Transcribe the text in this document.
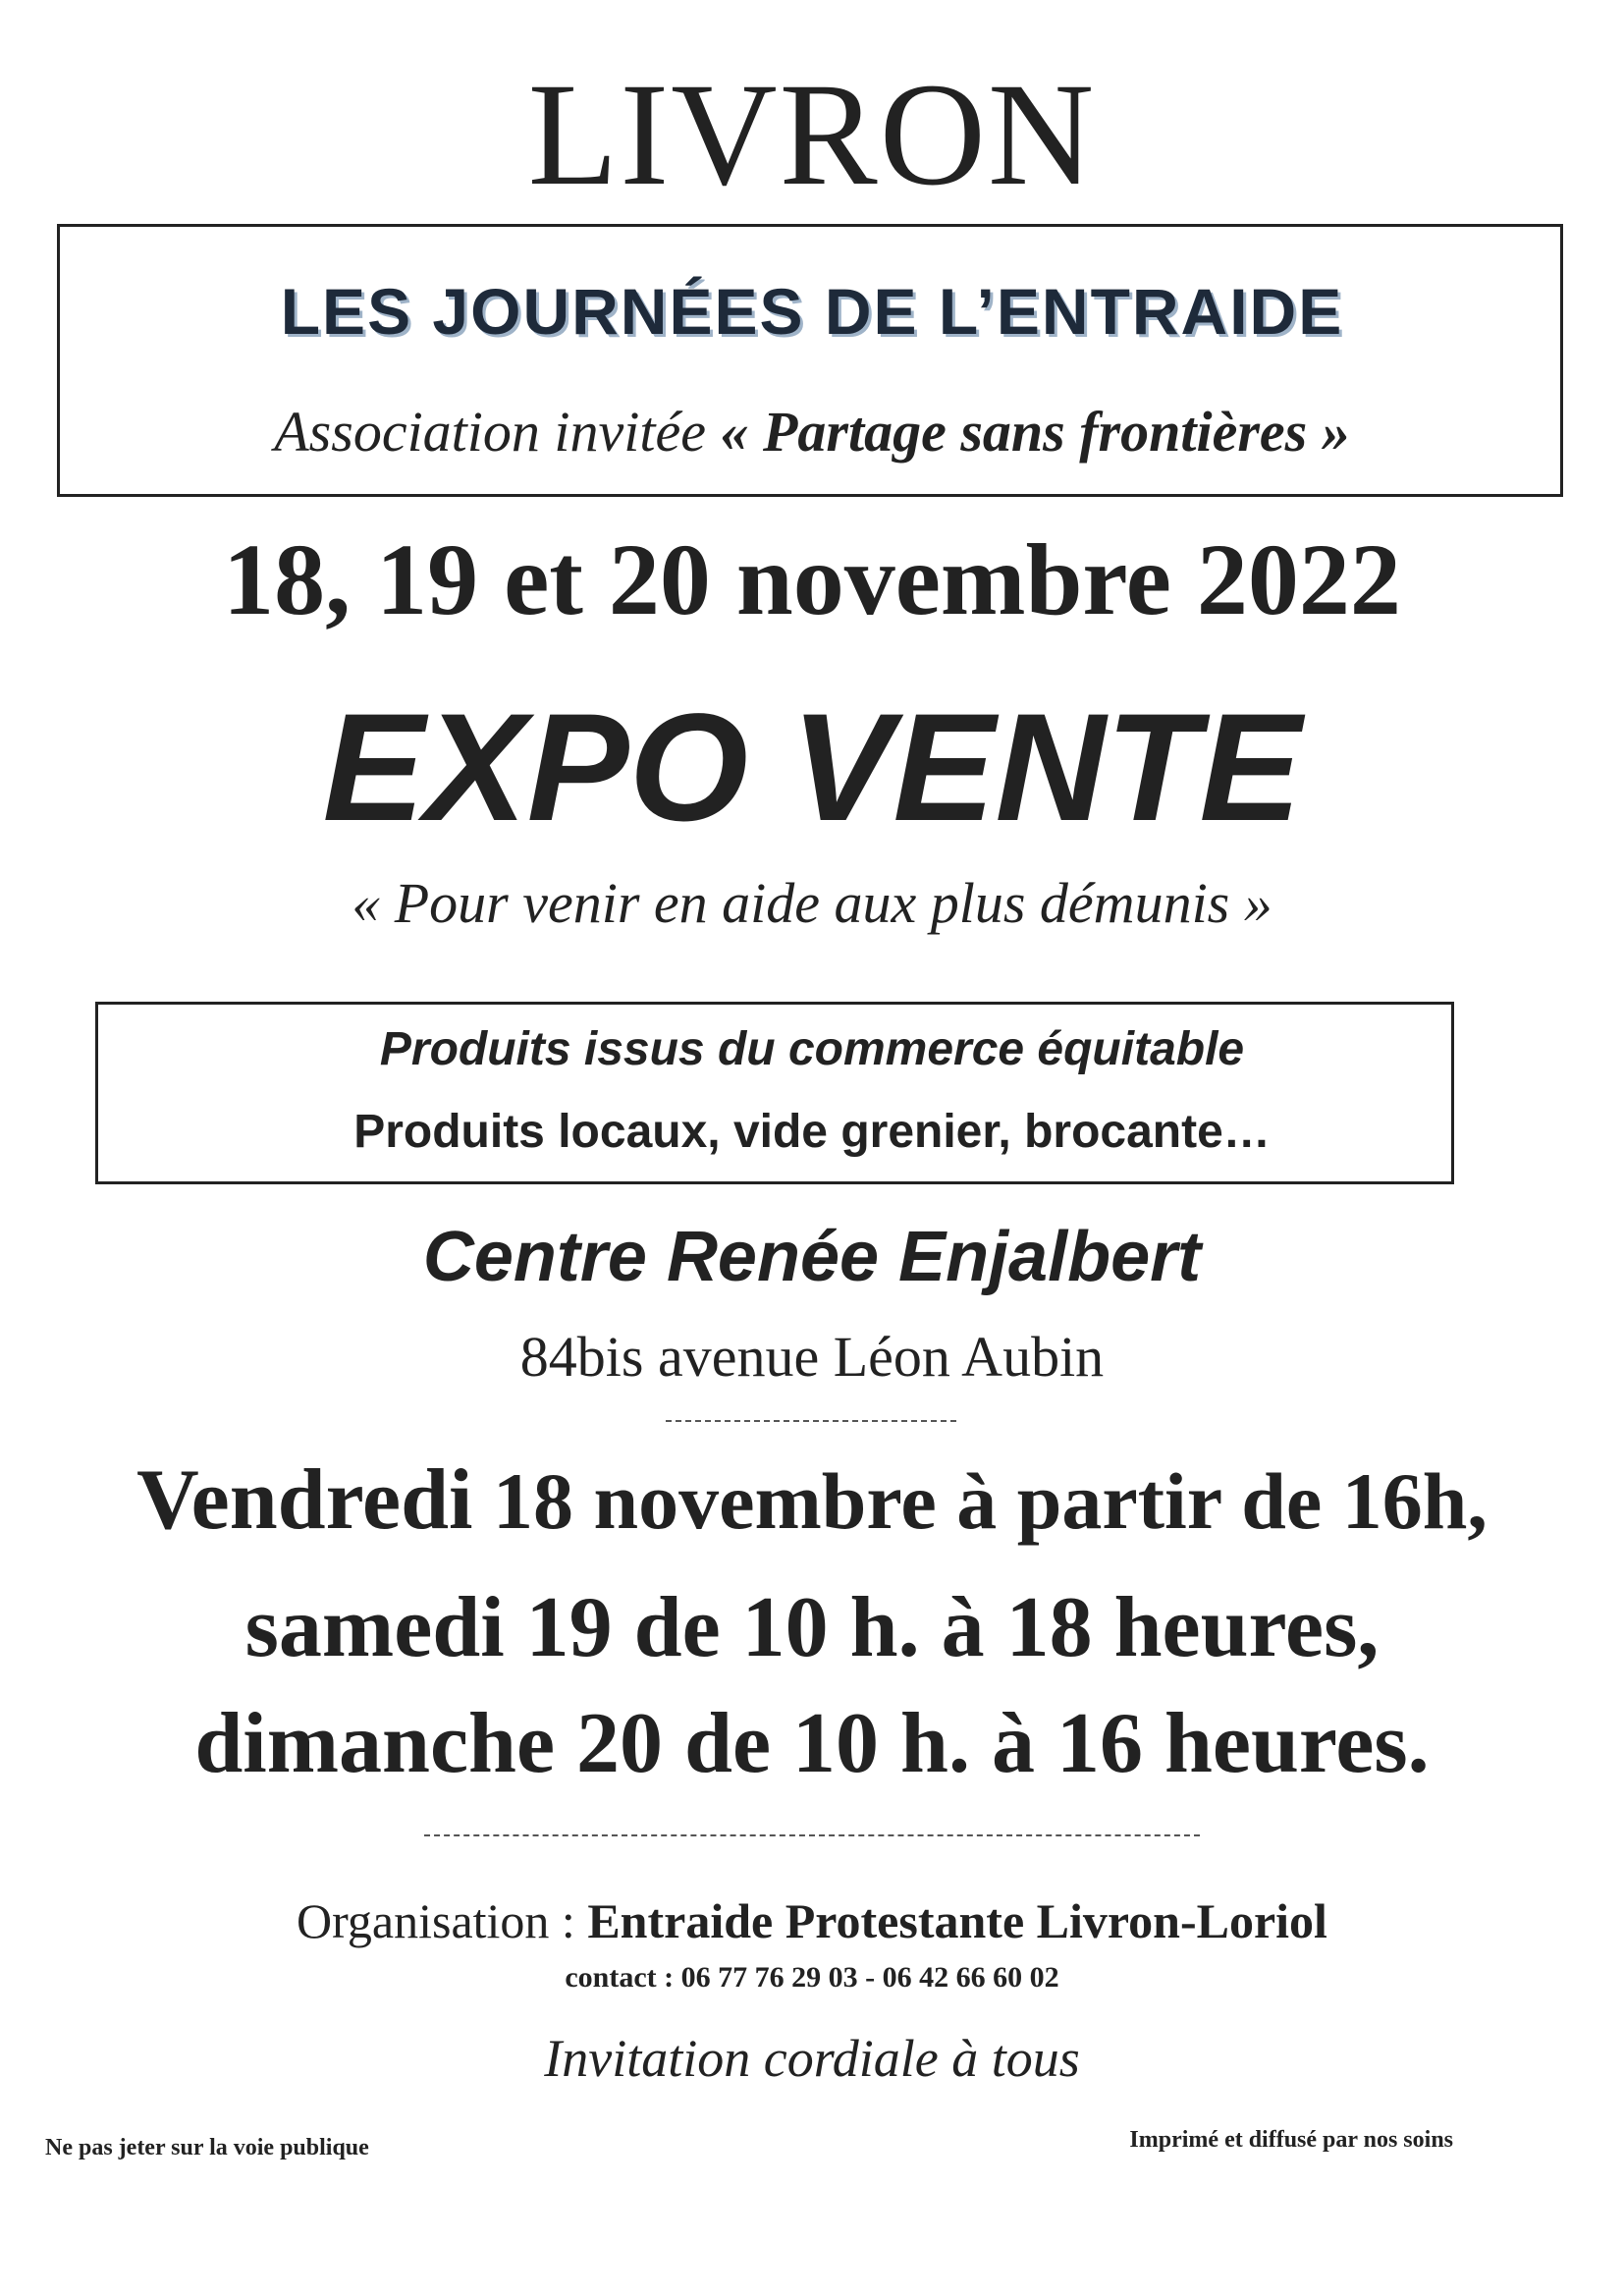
LIVRON
LES JOURNÉES DE L’ENTRAIDE
Association invitée « Partage sans frontières »
18, 19 et 20 novembre 2022
EXPO VENTE
« Pour venir en aide aux plus démunis »
Produits issus du commerce équitable
Produits locaux, vide grenier, brocante…
Centre Renée Enjalbert
84bis avenue Léon Aubin
Vendredi 18 novembre à partir de 16h,
samedi 19 de 10 h. à 18 heures,
dimanche 20 de 10 h. à 16 heures.
Organisation : Entraide Protestante Livron-Loriol
contact : 06 77 76 29 03 - 06 42 66 60 02
Invitation cordiale à tous
Ne pas jeter sur la voie publique	Imprimé et diffusé par nos soins
